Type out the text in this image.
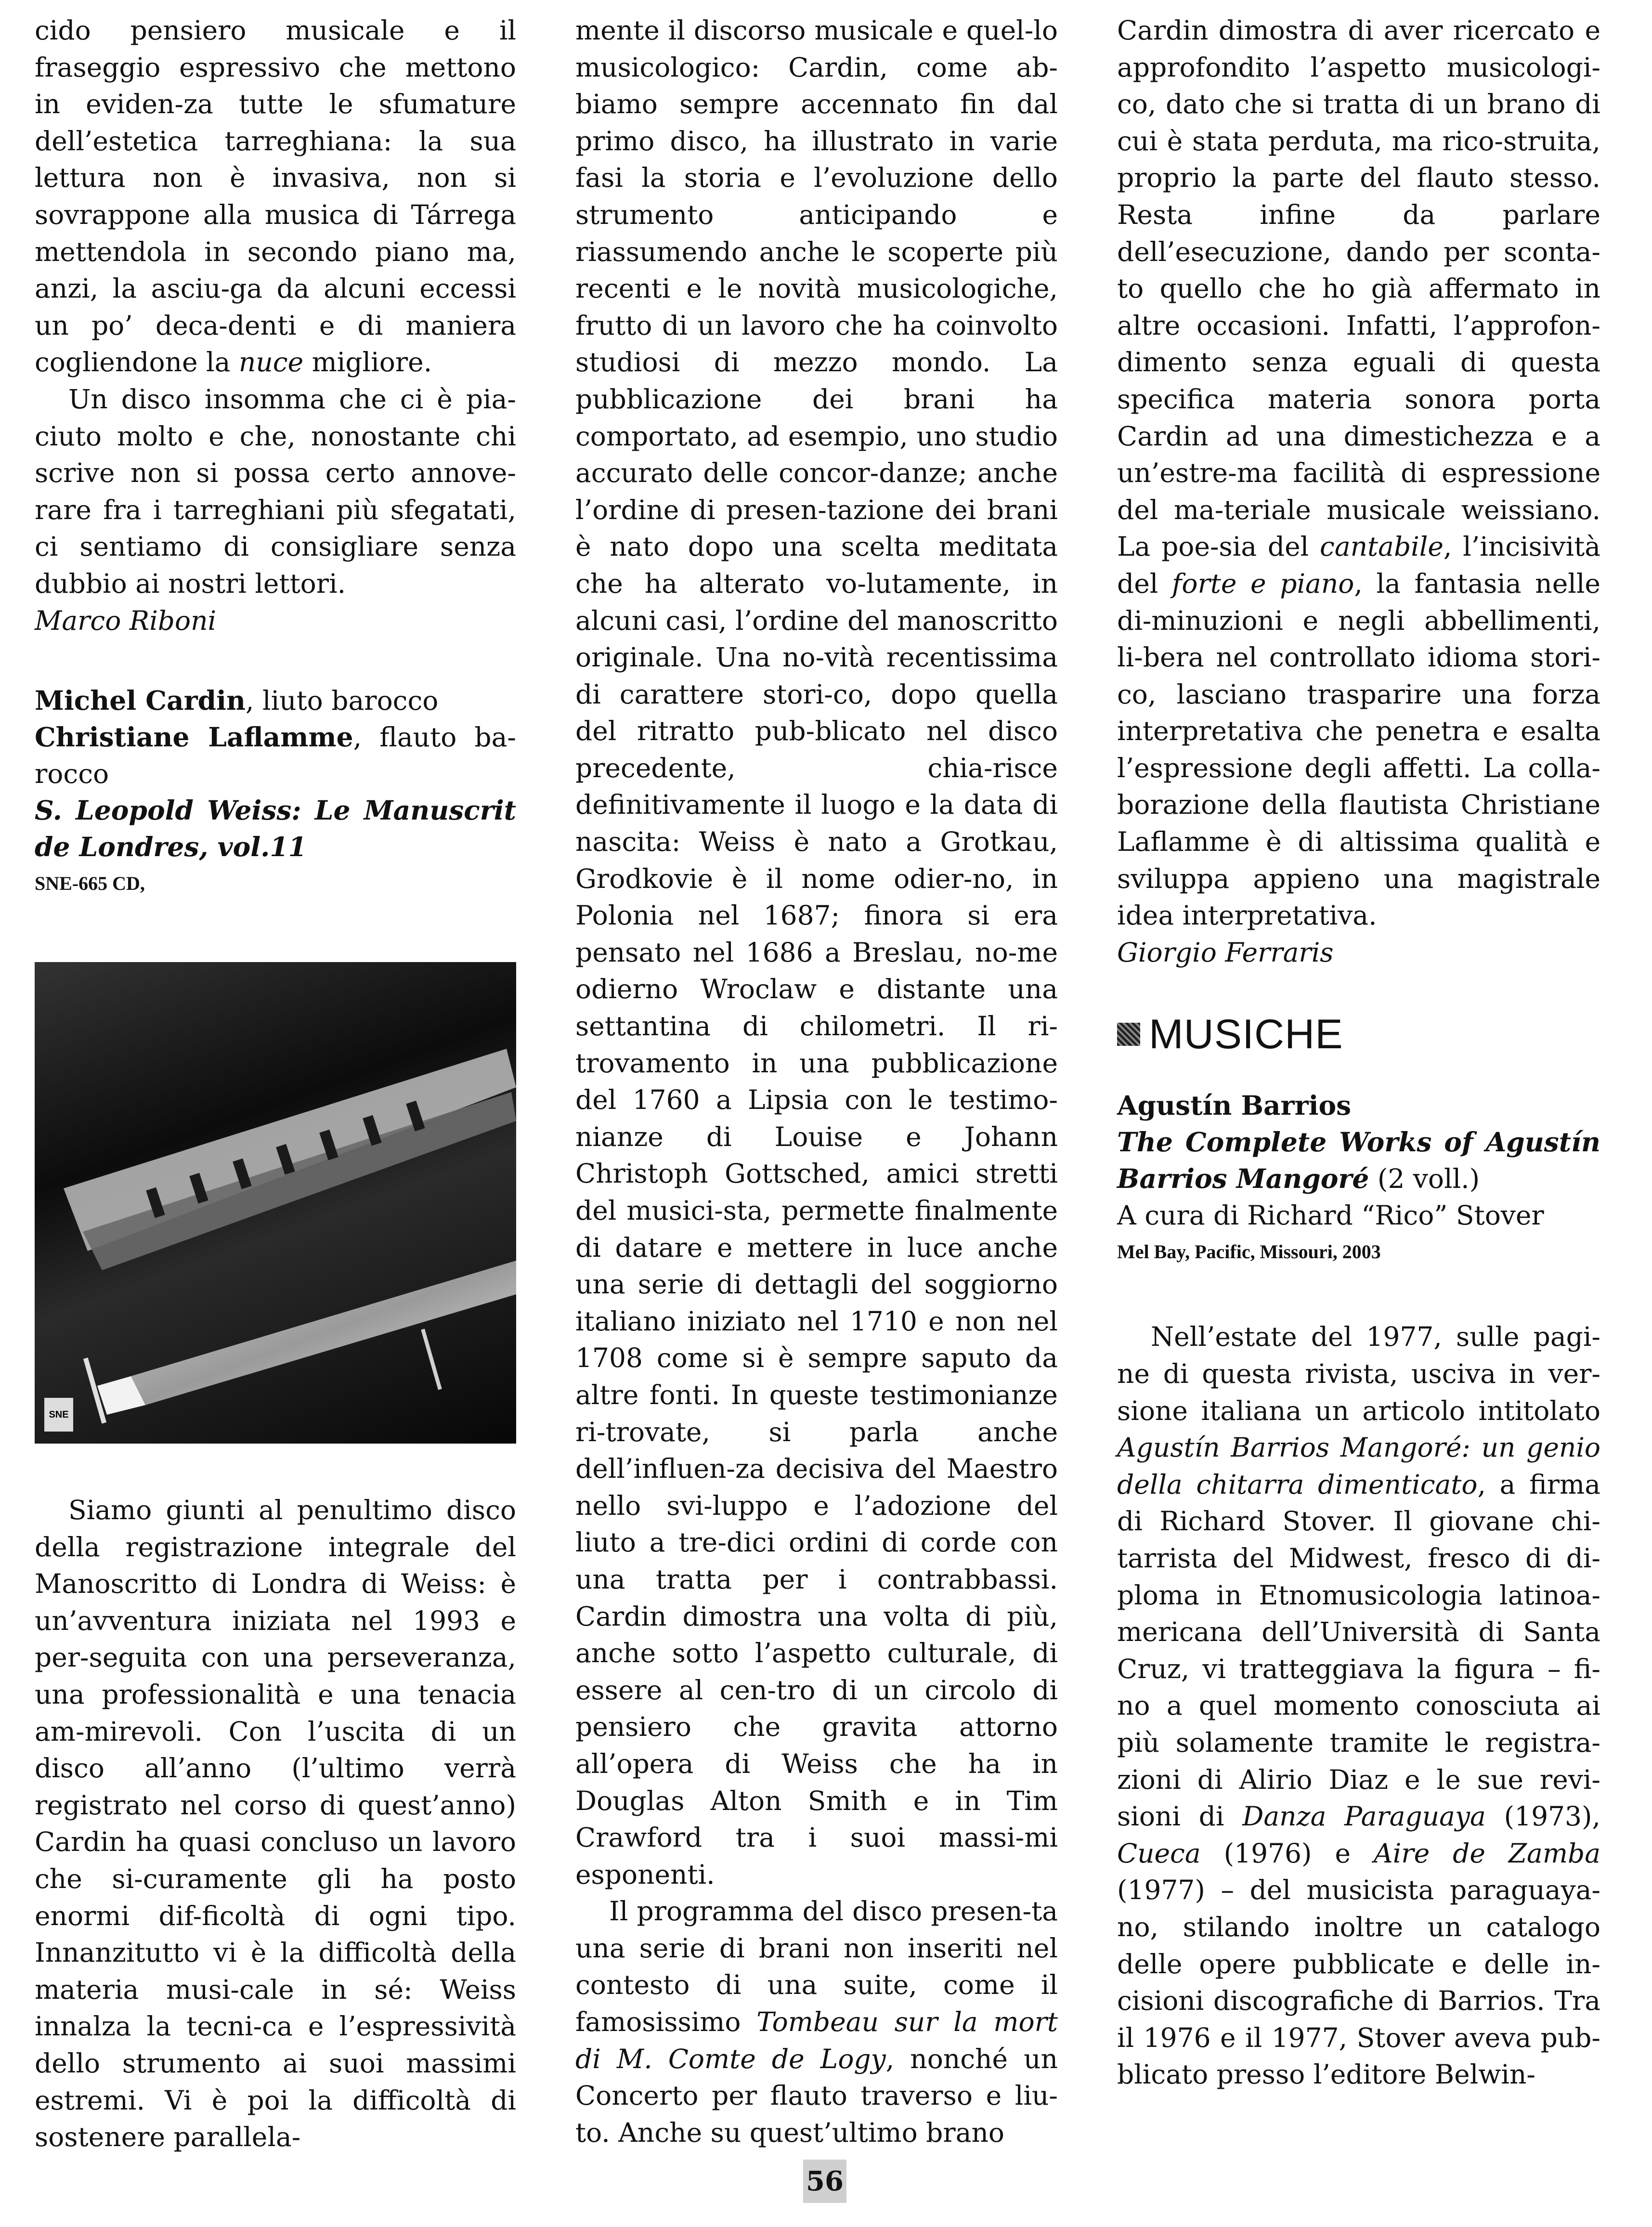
cido pensiero musicale e il fraseggio espressivo che mettono in eviden-za tutte le sfumature dell’estetica tarreghiana: la sua lettura non è invasiva, non si sovrappone alla musica di Tárrega mettendola in secondo piano ma, anzi, la asciu-ga da alcuni eccessi un po’ deca-denti e di maniera cogliendone la nuce migliore.

Un disco insomma che ci è pia-ciuto molto e che, nonostante chi scrive non si possa certo annove-rare fra i tarreghiani più sfegatati, ci sentiamo di consigliare senza dubbio ai nostri lettori.

Marco Riboni

Michel Cardin, liuto barocco

Christiane Laflamme, flauto ba-rocco

S. Leopold Weiss: Le Manuscrit de Londres, vol.11

SNE-665 CD,

SNE

Siamo giunti al penultimo disco della registrazione integrale del Manoscritto di Londra di Weiss: è un’avventura iniziata nel 1993 e per-seguita con una perseveranza, una professionalità e una tenacia am-mirevoli. Con l’uscita di un disco all’anno (l’ultimo verrà registrato nel corso di quest’anno) Cardin ha quasi concluso un lavoro che si-curamente gli ha posto enormi dif-ficoltà di ogni tipo. Innanzitutto vi è la difficoltà della materia musi-cale in sé: Weiss innalza la tecni-ca e l’espressività dello strumento ai suoi massimi estremi. Vi è poi la difficoltà di sostenere parallela-

mente il discorso musicale e quel-lo musicologico: Cardin, come ab-biamo sempre accennato fin dal primo disco, ha illustrato in varie fasi la storia e l’evoluzione dello strumento anticipando e riassumendo anche le scoperte più recenti e le novità musicologiche, frutto di un lavoro che ha coinvolto studiosi di mezzo mondo. La pubblicazione dei brani ha comportato, ad esempio, uno studio accurato delle concor-danze; anche l’ordine di presen-tazione dei brani è nato dopo una scelta meditata che ha alterato vo-lutamente, in alcuni casi, l’ordine del manoscritto originale. Una no-vità recentissima di carattere stori-co, dopo quella del ritratto pub-blicato nel disco precedente, chia-risce definitivamente il luogo e la data di nascita: Weiss è nato a Grotkau, Grodkovie è il nome odier-no, in Polonia nel 1687; finora si era pensato nel 1686 a Breslau, no-me odierno Wroclaw e distante una settantina di chilometri. Il ri-trovamento in una pubblicazione del 1760 a Lipsia con le testimo-nianze di Louise e Johann Christoph Gottsched, amici stretti del musici-sta, permette finalmente di datare e mettere in luce anche una serie di dettagli del soggiorno italiano iniziato nel 1710 e non nel 1708 come si è sempre saputo da altre fonti. In queste testimonianze ri-trovate, si parla anche dell’influen-za decisiva del Maestro nello svi-luppo e l’adozione del liuto a tre-dici ordini di corde con una tratta per i contrabbassi. Cardin dimostra una volta di più, anche sotto l’aspetto culturale, di essere al cen-tro di un circolo di pensiero che gravita attorno all’opera di Weiss che ha in Douglas Alton Smith e in Tim Crawford tra i suoi massi-mi esponenti.

Il programma del disco presen-ta una serie di brani non inseriti nel contesto di una suite, come il famosissimo Tombeau sur la mort di M. Comte de Logy, nonché un Concerto per flauto traverso e liu-to. Anche su quest’ultimo brano

Cardin dimostra di aver ricercato e approfondito l’aspetto musicologi-co, dato che si tratta di un brano di cui è stata perduta, ma rico-struita, proprio la parte del flauto stesso. Resta infine da parlare dell’esecuzione, dando per sconta-to quello che ho già affermato in altre occasioni. Infatti, l’approfon-dimento senza eguali di questa specifica materia sonora porta Cardin ad una dimestichezza e a un’estre-ma facilità di espressione del ma-teriale musicale weissiano. La poe-sia del cantabile, l’incisività del forte e piano, la fantasia nelle di-minuzioni e negli abbellimenti, li-bera nel controllato idioma stori-co, lasciano trasparire una forza interpretativa che penetra e esalta l’espressione degli affetti. La colla-borazione della flautista Christiane Laflamme è di altissima qualità e sviluppa appieno una magistrale idea interpretativa.

Giorgio Ferraris

MUSICHE

Agustín Barrios

The Complete Works of Agustín Barrios Mangoré (2 voll.)

A cura di Richard “Rico” Stover

Mel Bay, Pacific, Missouri, 2003

Nell’estate del 1977, sulle pagi-ne di questa rivista, usciva in ver-sione italiana un articolo intitolato Agustín Barrios Mangoré: un genio della chitarra dimenticato, a firma di Richard Stover. Il giovane chi-tarrista del Midwest, fresco di di-ploma in Etnomusicologia latinoa-mericana dell’Università di Santa Cruz, vi tratteggiava la figura – fi-no a quel momento conosciuta ai più solamente tramite le registra-zioni di Alirio Diaz e le sue revi-sioni di Danza Paraguaya (1973), Cueca (1976) e Aire de Zamba (1977) – del musicista paraguaya-no, stilando inoltre un catalogo delle opere pubblicate e delle in-cisioni discografiche di Barrios. Tra il 1976 e il 1977, Stover aveva pub-blicato presso l’editore Belwin-

56
